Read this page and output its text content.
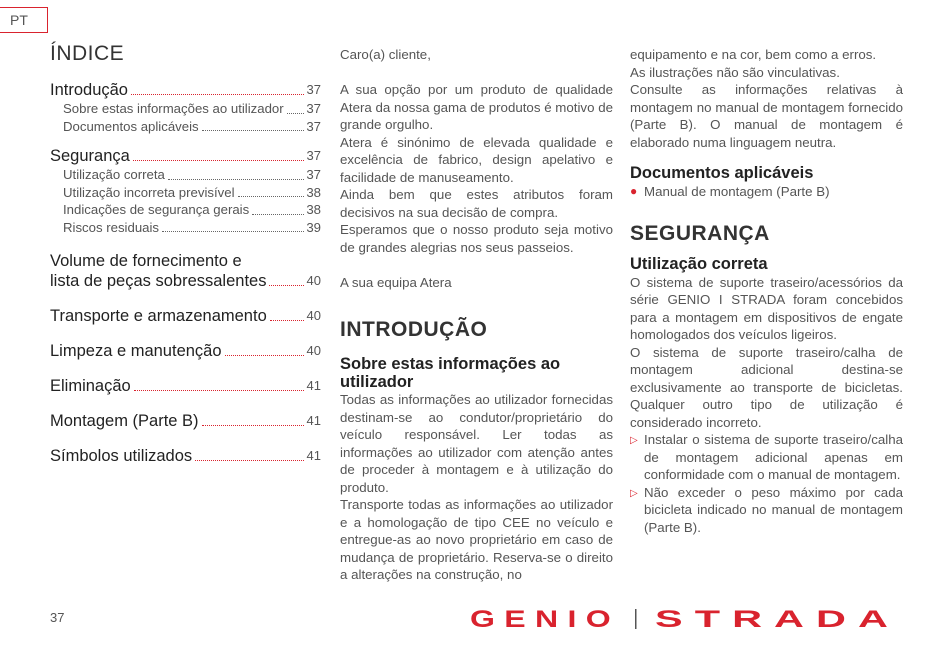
PT
ÍNDICE
Introdução	37
Sobre estas informações ao utilizador 37
Documentos aplicáveis	37
Segurança	37
Utilização correta	37
Utilização incorreta previsível	38
Indicações de segurança gerais	38
Riscos residuais	39
Volume de fornecimento e
lista de peças sobressalentes	40
Transporte e armazenamento	40
Limpeza e manutenção	40
Eliminação	41
Montagem (Parte B)	41
Símbolos utilizados	41

Caro(a) cliente,

A sua opção por um produto de qualidade Atera da nossa gama de produtos é motivo de grande orgulho.

Atera é sinónimo de elevada qualidade e excelência de fabrico, design apelativo e facilidade de manuseamento.

Ainda bem que estes atributos foram decisivos na sua decisão de compra.

Esperamos que o nosso produto seja motivo de grandes alegrias nos seus passeios.

A sua equipa Atera

INTRODUÇÃO
Sobre estas informações ao utilizador

Todas as informações ao utilizador fornecidas destinam-se ao condutor/proprietário do veículo responsável. Ler todas as informações ao utilizador com atenção antes de proceder à montagem e à utilização do produto.

Transporte todas as informações ao utilizador e a homologação de tipo CEE no veículo e entregue-as ao novo proprietário em caso de mudança de proprietário. Reserva-se o direito a alterações na construção, no

equipamento e na cor, bem como a erros.

As ilustrações não são vinculativas.

Consulte as informações relativas à montagem no manual de montagem fornecido (Parte B). O manual de montagem é elaborado numa linguagem neutra.

Documentos aplicáveis
● Manual de montagem (Parte B)
SEGURANÇA
Utilização correta

O sistema de suporte traseiro/acessórios da série GENIO I STRADA foram concebidos para a montagem em dispositivos de engate homologados dos veículos ligeiros.

O sistema de suporte traseiro/calha de montagem adicional destina-se exclusivamente ao transporte de bicicletas. Qualquer outro tipo de utilização é considerado incorreto.

▷ Instalar o sistema de suporte traseiro/calha de montagem adicional apenas em conformidade com o manual de montagem.
▷ Não exceder o peso máximo por cada bicicleta indicado no manual de montagem (Parte B).
37	GENIO STRADA
